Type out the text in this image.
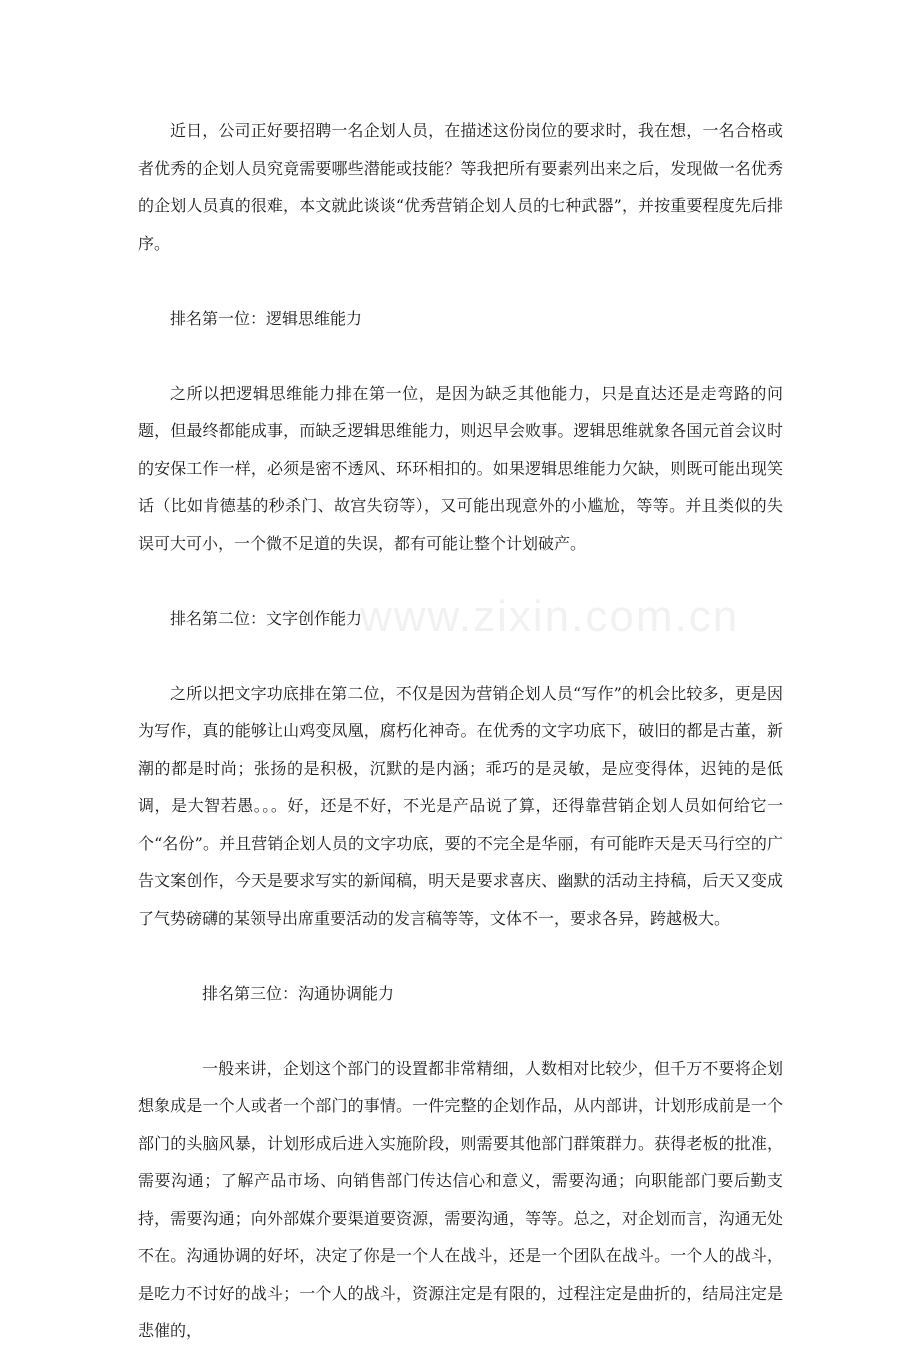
www.zixin.com.cn

近日，公司正好要招聘一名企划人员，在描述这份岗位的要求时，我在想，一名合格或者优秀的企划人员究竟需要哪些潜能或技能？等我把所有要素列出来之后，发现做一名优秀的企划人员真的很难，本文就此谈谈“优秀营销企划人员的七种武器”，并按重要程度先后排序。

排名第一位：逻辑思维能力

之所以把逻辑思维能力排在第一位，是因为缺乏其他能力，只是直达还是走弯路的问题，但最终都能成事，而缺乏逻辑思维能力，则迟早会败事。逻辑思维就象各国元首会议时的安保工作一样，必须是密不透风、环环相扣的。如果逻辑思维能力欠缺，则既可能出现笑话（比如肯德基的秒杀门、故宫失窃等），又可能出现意外的小尴尬，等等。并且类似的失误可大可小，一个微不足道的失误，都有可能让整个计划破产。

排名第二位：文字创作能力

之所以把文字功底排在第二位，不仅是因为营销企划人员“写作”的机会比较多，更是因为写作，真的能够让山鸡变凤凰，腐朽化神奇。在优秀的文字功底下，破旧的都是古董，新潮的都是时尚；张扬的是积极，沉默的是内涵；乖巧的是灵敏，是应变得体，迟钝的是低调，是大智若愚。。。好，还是不好，不光是产品说了算，还得靠营销企划人员如何给它一个“名份”。并且营销企划人员的文字功底，要的不完全是华丽，有可能昨天是天马行空的广告文案创作，今天是要求写实的新闻稿，明天是要求喜庆、幽默的活动主持稿，后天又变成了气势磅礴的某领导出席重要活动的发言稿等等，文体不一，要求各异，跨越极大。

排名第三位：沟通协调能力

一般来讲，企划这个部门的设置都非常精细，人数相对比较少，但千万不要将企划想象成是一个人或者一个部门的事情。一件完整的企划作品，从内部讲，计划形成前是一个部门的头脑风暴，计划形成后进入实施阶段，则需要其他部门群策群力。获得老板的批准，需要沟通；了解产品市场、向销售部门传达信心和意义，需要沟通；向职能部门要后勤支持，需要沟通；向外部媒介要渠道要资源，需要沟通，等等。总之，对企划而言，沟通无处不在。沟通协调的好坏，决定了你是一个人在战斗，还是一个团队在战斗。一个人的战斗，是吃力不讨好的战斗；一个人的战斗，资源注定是有限的，过程注定是曲折的，结局注定是悲催的，
